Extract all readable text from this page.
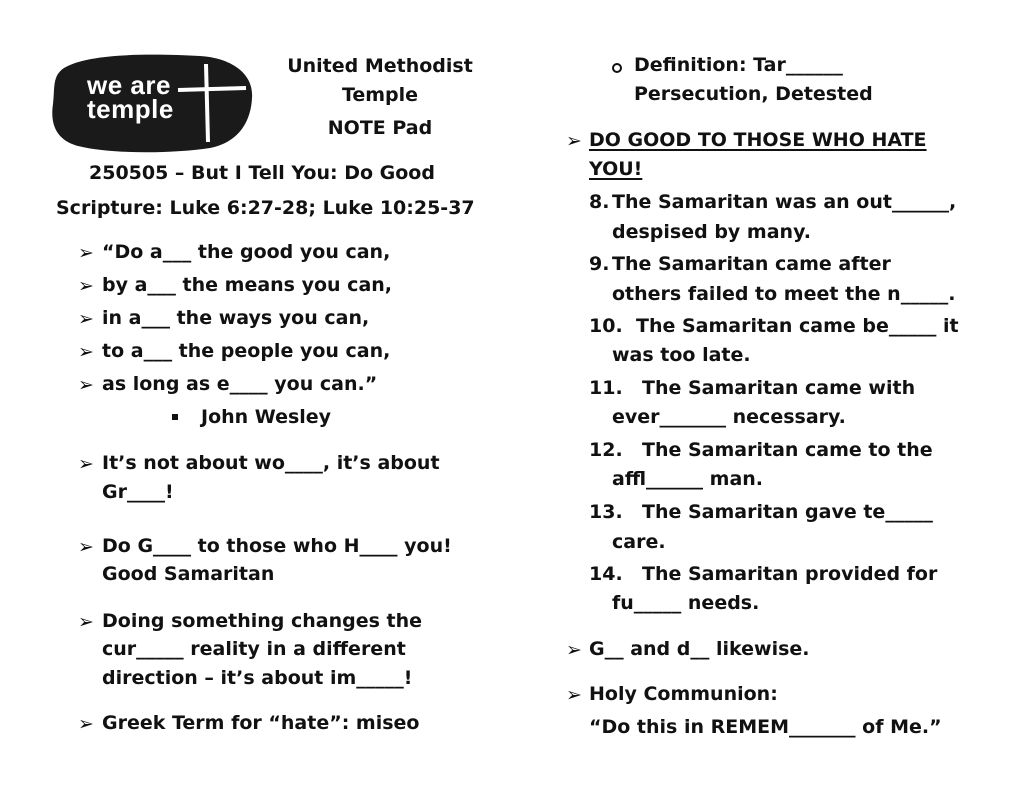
we are
temple
United Methodist
Temple
NOTE Pad
250505 – But I Tell You: Do Good
Scripture: Luke 6:27-28; Luke 10:25-37
➢ “Do a___ the good you can,
➢ by a___ the means you can,
➢ in a___ the ways you can,
➢ to a___ the people you can,
➢ as long as e____ you can.”
John Wesley
➢ It’s not about wo____, it’s about
Gr____!
➢ Do G____ to those who H____ you!
Good Samaritan
➢ Doing something changes the
cur_____ reality in a different
direction – it’s about im_____!
➢ Greek Term for “hate”: miseo
Definition: Tar______
Persecution, Detested
➢ DO GOOD TO THOSE WHO HATE
YOU!
8. The Samaritan was an out______,
despised by many.
9. The Samaritan came after
others failed to meet the n_____.
10. The Samaritan came be_____ it
was too late.
11. The Samaritan came with
ever_______ necessary.
12. The Samaritan came to the
affl______ man.
13. The Samaritan gave te_____
care.
14. The Samaritan provided for
fu_____ needs.
➢ G__ and d__ likewise.
➢ Holy Communion:
“Do this in REMEM_______ of Me.”
